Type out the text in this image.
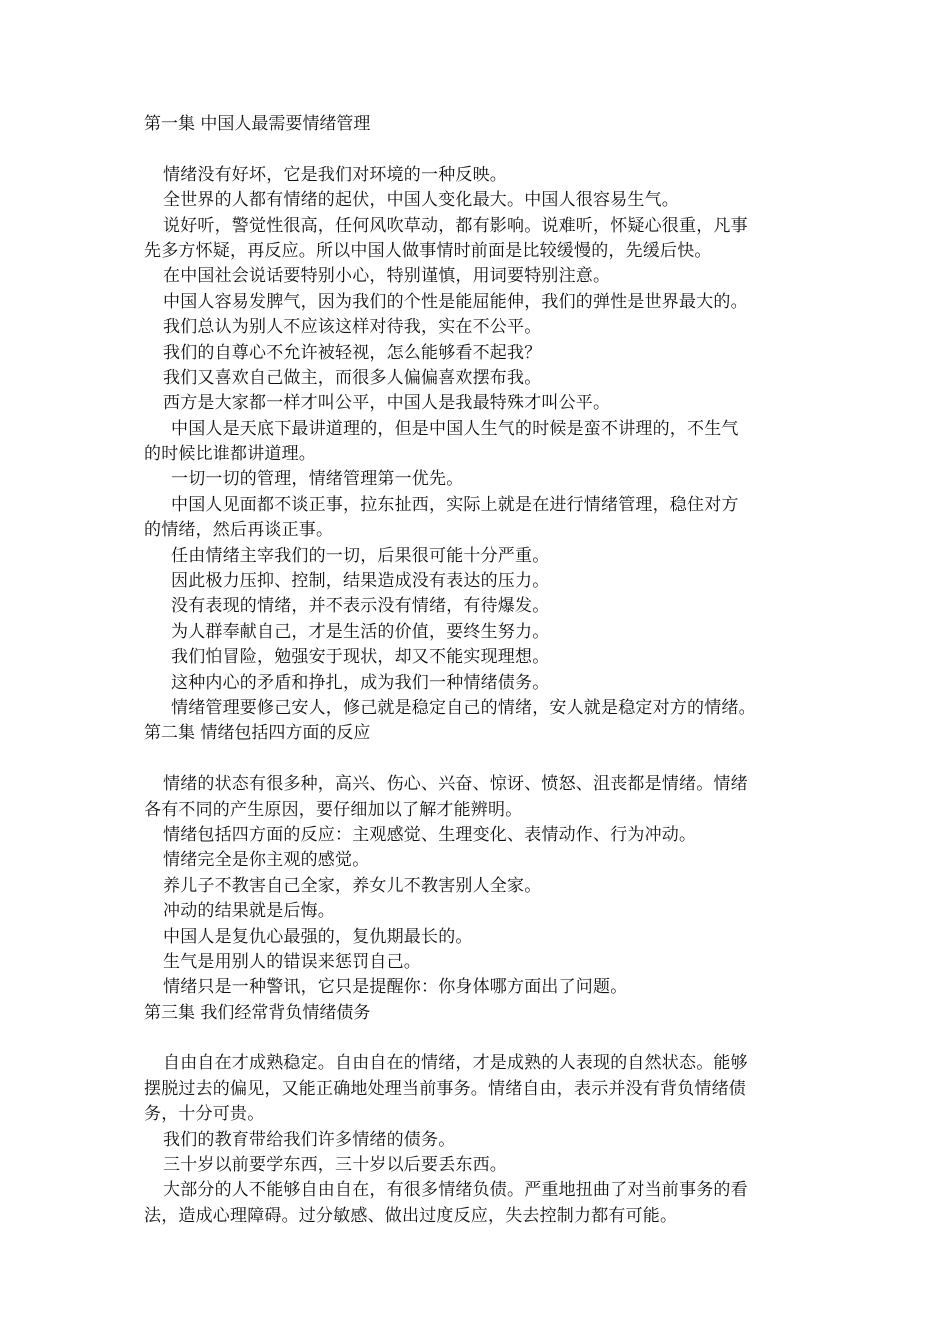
第一集 中国人最需要情绪管理
情绪没有好坏，它是我们对环境的一种反映。
全世界的人都有情绪的起伏，中国人变化最大。中国人很容易生气。
说好听，警觉性很高，任何风吹草动，都有影响。说难听，怀疑心很重，凡事
先多方怀疑，再反应。所以中国人做事情时前面是比较缓慢的，先缓后快。
在中国社会说话要特别小心，特别谨慎，用词要特别注意。
中国人容易发脾气，因为我们的个性是能屈能伸，我们的弹性是世界最大的。
我们总认为别人不应该这样对待我，实在不公平。
我们的自尊心不允许被轻视，怎么能够看不起我？
我们又喜欢自己做主，而很多人偏偏喜欢摆布我。
西方是大家都一样才叫公平，中国人是我最特殊才叫公平。
中国人是天底下最讲道理的，但是中国人生气的时候是蛮不讲理的，不生气
的时候比谁都讲道理。
一切一切的管理，情绪管理第一优先。
中国人见面都不谈正事，拉东扯西，实际上就是在进行情绪管理，稳住对方
的情绪，然后再谈正事。
任由情绪主宰我们的一切，后果很可能十分严重。
因此极力压抑、控制，结果造成没有表达的压力。
没有表现的情绪，并不表示没有情绪，有待爆发。
为人群奉献自己，才是生活的价值，要终生努力。
我们怕冒险，勉强安于现状，却又不能实现理想。
这种内心的矛盾和挣扎，成为我们一种情绪债务。
情绪管理要修己安人，修己就是稳定自己的情绪，安人就是稳定对方的情绪。
第二集 情绪包括四方面的反应
情绪的状态有很多种，高兴、伤心、兴奋、惊讶、愤怒、沮丧都是情绪。情绪
各有不同的产生原因，要仔细加以了解才能辨明。
情绪包括四方面的反应：主观感觉、生理变化、表情动作、行为冲动。
情绪完全是你主观的感觉。
养儿子不教害自己全家，养女儿不教害别人全家。
冲动的结果就是后悔。
中国人是复仇心最强的，复仇期最长的。
生气是用别人的错误来惩罚自己。
情绪只是一种警讯，它只是提醒你：你身体哪方面出了问题。
第三集 我们经常背负情绪债务
自由自在才成熟稳定。自由自在的情绪，才是成熟的人表现的自然状态。能够
摆脱过去的偏见，又能正确地处理当前事务。情绪自由，表示并没有背负情绪债
务，十分可贵。
我们的教育带给我们许多情绪的债务。
三十岁以前要学东西，三十岁以后要丢东西。
大部分的人不能够自由自在，有很多情绪负债。严重地扭曲了对当前事务的看
法，造成心理障碍。过分敏感、做出过度反应，失去控制力都有可能。
